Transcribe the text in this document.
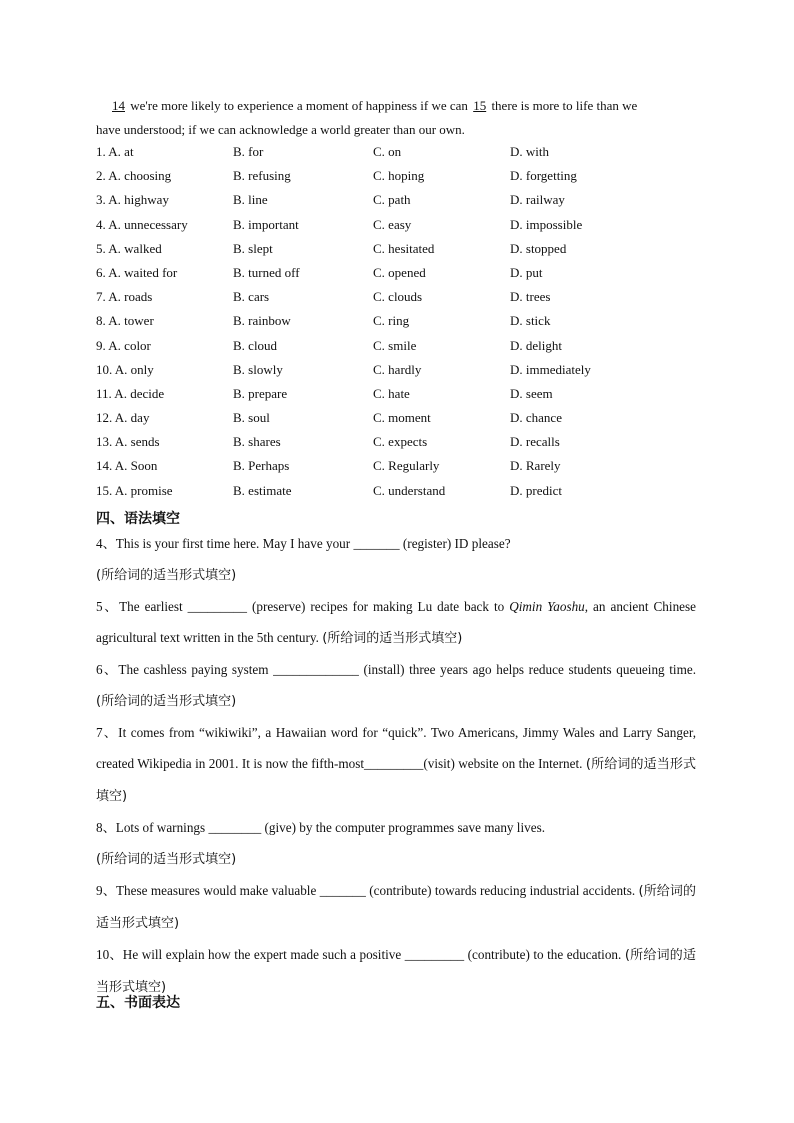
14 we're more likely to experience a moment of happiness if we can 15 there is more to life than we

have understood; if we can acknowledge a world greater than our own.

1. A. at	B. for	C. on	D. with
2. A. choosing	B. refusing	C. hoping	D. forgetting
3. A. highway	B. line	C. path	D. railway
4. A. unnecessary	B. important	C. easy	D. impossible
5. A. walked	B. slept	C. hesitated	D. stopped
6. A. waited for	B. turned off	C. opened	D. put
7. A. roads	B. cars	C. clouds	D. trees
8. A. tower	B. rainbow	C. ring	D. stick
9. A. color	B. cloud	C. smile	D. delight
10. A. only	B. slowly	C. hardly	D. immediately
11. A. decide	B. prepare	C. hate	D. seem
12. A. day	B. soul	C. moment	D. chance
13. A. sends	B. shares	C. expects	D. recalls
14. A. Soon	B. Perhaps	C. Regularly	D. Rarely
15. A. promise	B. estimate	C. understand	D. predict
四、语法填空

4、This is your first time here. May I have your _______ (register) ID please?
(所给词的适当形式填空)

5、The earliest _________ (preserve) recipes for making Lu date back to Qimin Yaoshu, an ancient Chinese agricultural text written in the 5th century. (所给词的适当形式填空)

6、The cashless paying system _____________ (install) three years ago helps reduce students queueing time. (所给词的适当形式填空)

7、It comes from “wikiwiki”, a Hawaiian word for “quick”. Two Americans, Jimmy Wales and Larry Sanger, created Wikipedia in 2001. It is now the fifth-most_________(visit) website on the Internet. (所给词的适当形式填空)

8、Lots of warnings ________ (give) by the computer programmes save many lives.
(所给词的适当形式填空)

9、These measures would make valuable _______ (contribute) towards reducing industrial accidents. (所给词的适当形式填空)

10、He will explain how the expert made such a positive _________ (contribute) to the education. (所给词的适当形式填空)

五、书面表达
